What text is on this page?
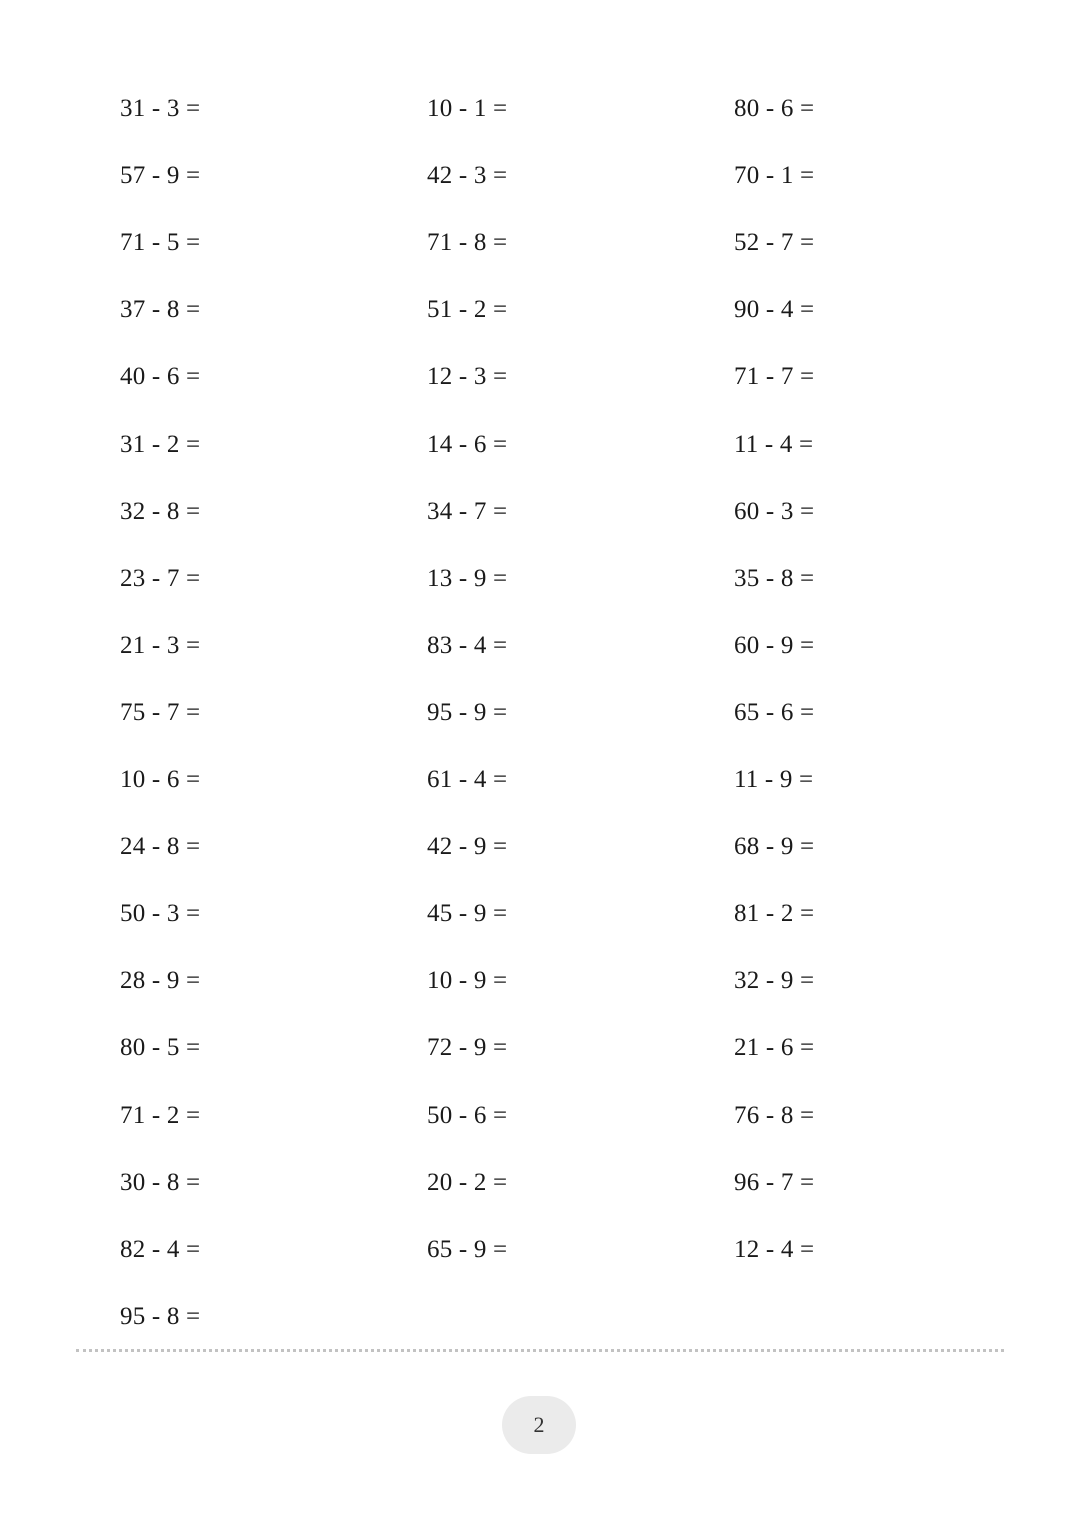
31 - 3 =
57 - 9 =
71 - 5 =
37 - 8 =
40 - 6 =
31 - 2 =
32 - 8 =
23 - 7 =
21 - 3 =
75 - 7 =
10 - 6 =
24 - 8 =
50 - 3 =
28 - 9 =
80 - 5 =
71 - 2 =
30 - 8 =
82 - 4 =
95 - 8 =
10 - 1 =
42 - 3 =
71 - 8 =
51 - 2 =
12 - 3 =
14 - 6 =
34 - 7 =
13 - 9 =
83 - 4 =
95 - 9 =
61 - 4 =
42 - 9 =
45 - 9 =
10 - 9 =
72 - 9 =
50 - 6 =
20 - 2 =
65 - 9 =
80 - 6 =
70 - 1 =
52 - 7 =
90 - 4 =
71 - 7 =
11 - 4 =
60 - 3 =
35 - 8 =
60 - 9 =
65 - 6 =
11 - 9 =
68 - 9 =
81 - 2 =
32 - 9 =
21 - 6 =
76 - 8 =
96 - 7 =
12 - 4 =
2
